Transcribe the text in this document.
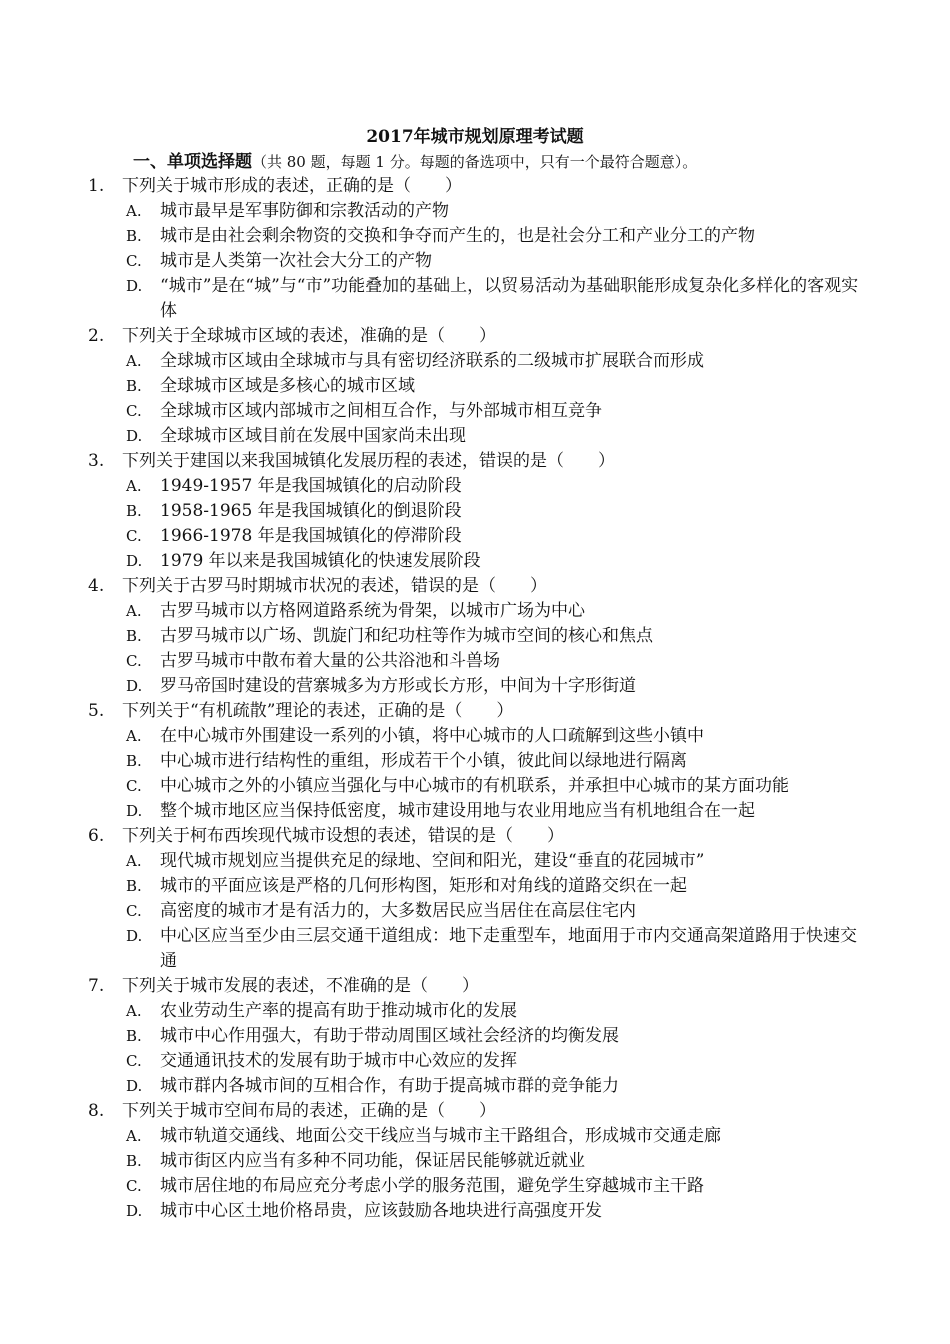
2017年城市规划原理考试题
一、单项选择题（共 80 题，每题 1 分。每题的备选项中，只有一个最符合题意）。
1. 下列关于城市形成的表述，正确的是（　　）
A. 城市最早是军事防御和宗教活动的产物
B. 城市是由社会剩余物资的交换和争夺而产生的，也是社会分工和产业分工的产物
C. 城市是人类第一次社会大分工的产物
D. “城市”是在“城”与“市”功能叠加的基础上，以贸易活动为基础职能形成复杂化多样化的客观实体
2. 下列关于全球城市区域的表述，准确的是（　　）
A. 全球城市区域由全球城市与具有密切经济联系的二级城市扩展联合而形成
B. 全球城市区域是多核心的城市区域
C. 全球城市区域内部城市之间相互合作，与外部城市相互竞争
D. 全球城市区域目前在发展中国家尚未出现
3. 下列关于建国以来我国城镇化发展历程的表述，错误的是（　　）
A. 1949-1957 年是我国城镇化的启动阶段
B. 1958-1965 年是我国城镇化的倒退阶段
C. 1966-1978 年是我国城镇化的停滞阶段
D. 1979 年以来是我国城镇化的快速发展阶段
4. 下列关于古罗马时期城市状况的表述，错误的是（　　）
A. 古罗马城市以方格网道路系统为骨架，以城市广场为中心
B. 古罗马城市以广场、凯旋门和纪功柱等作为城市空间的核心和焦点
C. 古罗马城市中散布着大量的公共浴池和斗兽场
D. 罗马帝国时建设的营寨城多为方形或长方形，中间为十字形街道
5. 下列关于“有机疏散”理论的表述，正确的是（　　）
A. 在中心城市外围建设一系列的小镇，将中心城市的人口疏解到这些小镇中
B. 中心城市进行结构性的重组，形成若干个小镇，彼此间以绿地进行隔离
C. 中心城市之外的小镇应当强化与中心城市的有机联系，并承担中心城市的某方面功能
D. 整个城市地区应当保持低密度，城市建设用地与农业用地应当有机地组合在一起
6. 下列关于柯布西埃现代城市设想的表述，错误的是（　　）
A. 现代城市规划应当提供充足的绿地、空间和阳光，建设“垂直的花园城市”
B. 城市的平面应该是严格的几何形构图，矩形和对角线的道路交织在一起
C. 高密度的城市才是有活力的，大多数居民应当居住在高层住宅内
D. 中心区应当至少由三层交通干道组成：地下走重型车，地面用于市内交通高架道路用于快速交通
7. 下列关于城市发展的表述，不准确的是（　　）
A. 农业劳动生产率的提高有助于推动城市化的发展
B. 城市中心作用强大，有助于带动周围区域社会经济的均衡发展
C. 交通通讯技术的发展有助于城市中心效应的发挥
D. 城市群内各城市间的互相合作，有助于提高城市群的竞争能力
8. 下列关于城市空间布局的表述，正确的是（　　）
A. 城市轨道交通线、地面公交干线应当与城市主干路组合，形成城市交通走廊
B. 城市街区内应当有多种不同功能，保证居民能够就近就业
C. 城市居住地的布局应充分考虑小学的服务范围，避免学生穿越城市主干路
D. 城市中心区土地价格昂贵，应该鼓励各地块进行高强度开发
